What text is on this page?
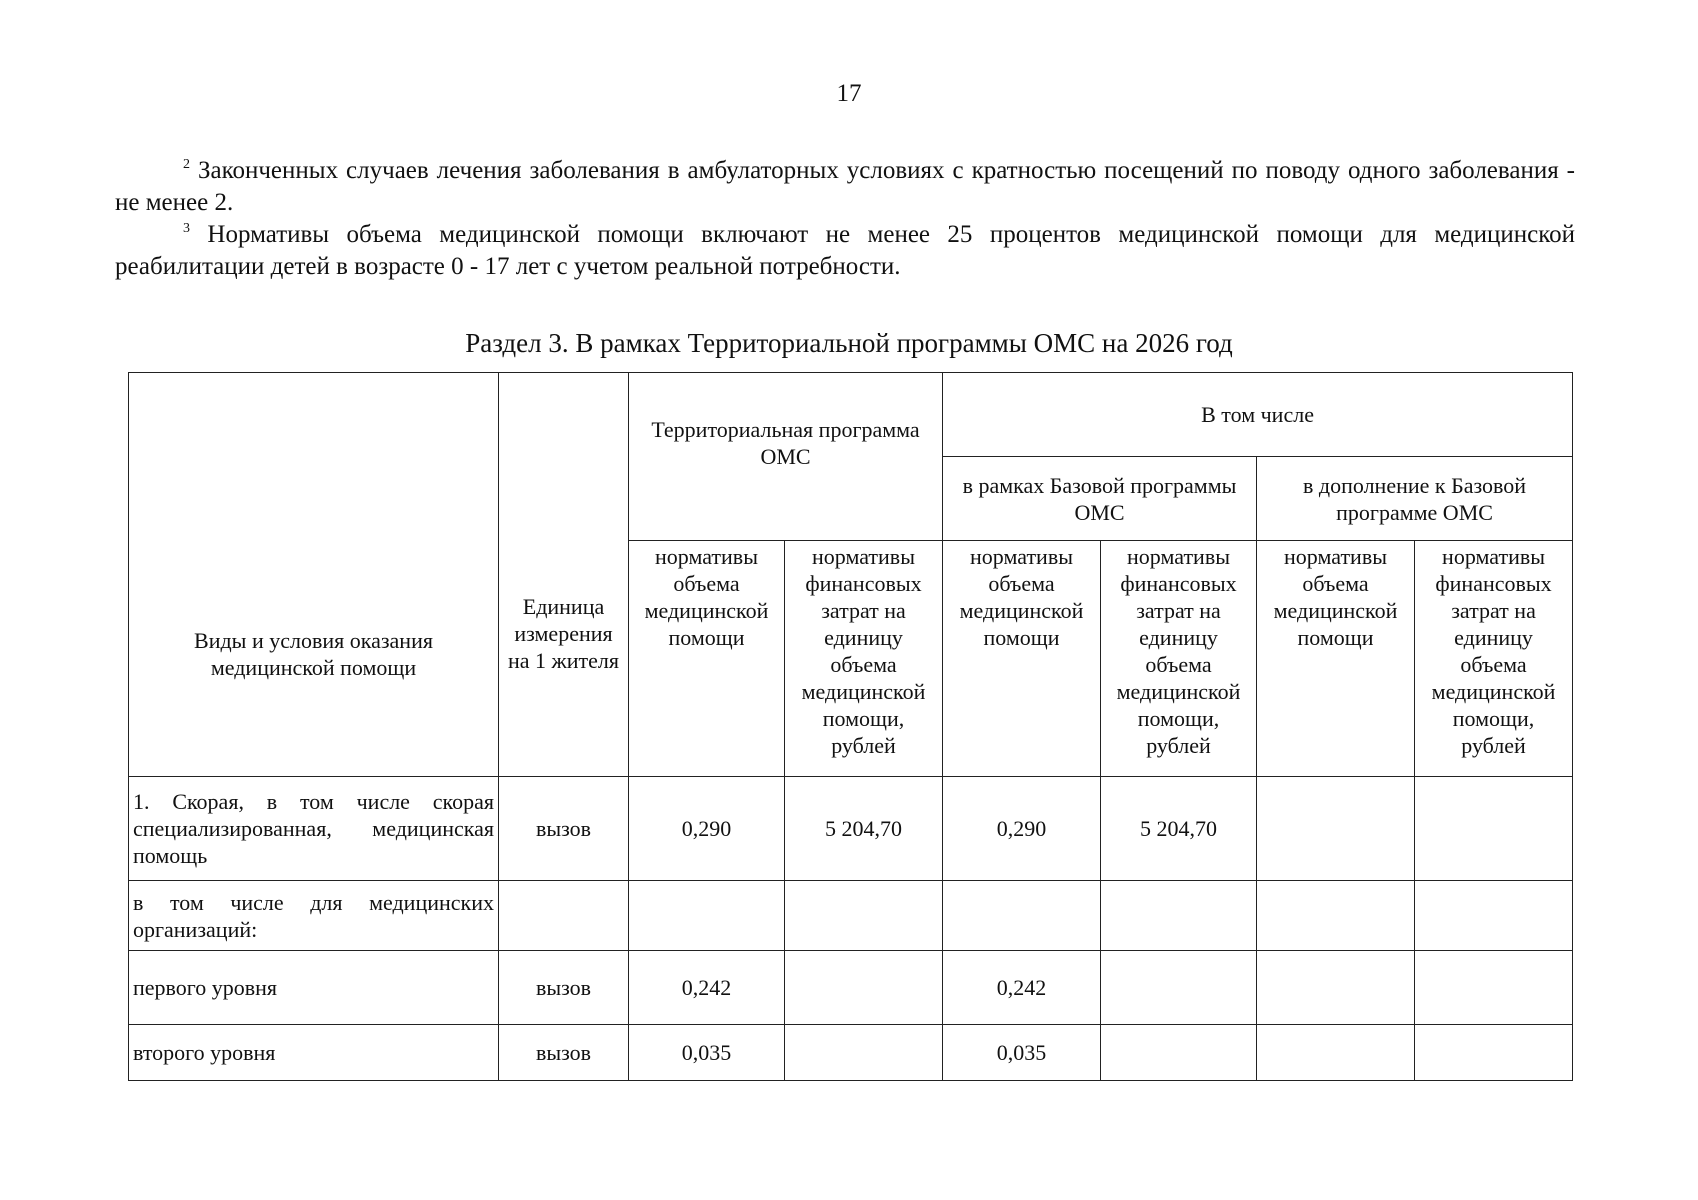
17

$^2$ Законченных случаев лечения заболевания в амбулаторных условиях с кратностью посещений по поводу одного заболевания - не менее 2.

$^3$ Нормативы объема медицинской помощи включают не менее 25 процентов медицинской помощи для медицинской реабилитации детей в возрасте 0 - 17 лет с учетом реальной потребности.

Раздел 3. В рамках Территориальной программы ОМС на 2026 год
Виды и условия оказания медицинской помощи	Единица измерения на 1 жителя	Территориальная программа ОМС		В том числе			
				в рамках Базовой программы ОМС		в дополнение к Базовой программе ОМС	
		нормативы объема медицинской помощи	нормативы финансовых затрат на единицу объема медицинской помощи, рублей	нормативы объема медицинской помощи	нормативы финансовых затрат на единицу объема медицинской помощи, рублей	нормативы объема медицинской помощи	нормативы финансовых затрат на единицу объема медицинской помощи, рублей
1. Скорая, в том числе скорая специализированная, медицинская помощь	вызов	0,290	5 204,70	0,290	5 204,70		
в том числе для медицинских организаций:							
первого уровня	вызов	0,242		0,242			
второго уровня	вызов	0,035		0,035			
